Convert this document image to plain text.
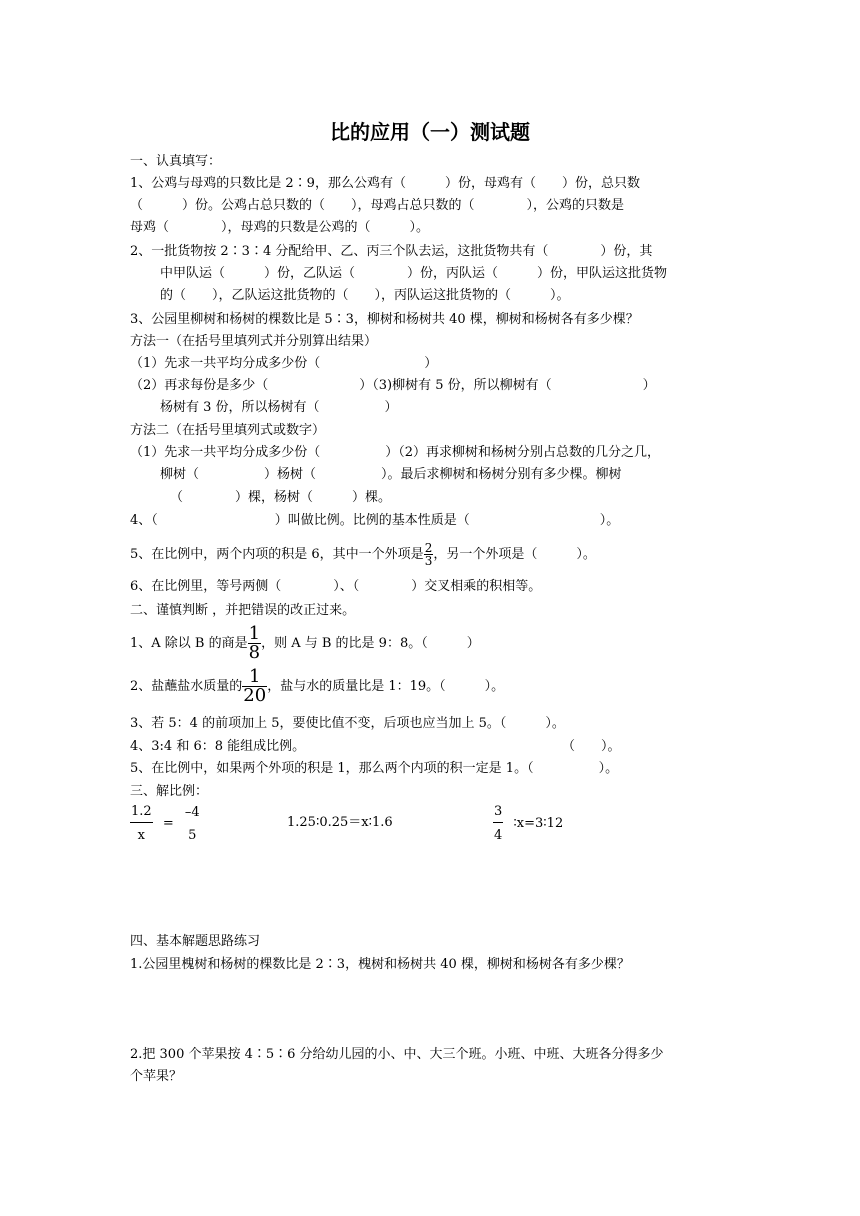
比的应用（一）测试题
一、认真填写：
1、公鸡与母鸡的只数比是 2∶9，那么公鸡有（　　　）份，母鸡有（　　）份，总只数
（　　　）份。公鸡占总只数的（　　），母鸡占总只数的（　　　　），公鸡的只数是
母鸡（　　　　），母鸡的只数是公鸡的（　　　）。
2、一批货物按 2∶3∶4 分配给甲、乙、丙三个队去运，这批货物共有（　　　　）份，其
中甲队运（　　　）份，乙队运（　　　　）份，丙队运（　　　）份，甲队运这批货物
的（　　），乙队运这批货物的（　　），丙队运这批货物的（　　　）。
3、公园里柳树和杨树的棵数比是 5∶3，柳树和杨树共 40 棵，柳树和杨树各有多少棵？
方法一（在括号里填列式并分别算出结果）
（1）先求一共平均分成多少份（　　　　　　　　）
（2）再求每份是多少（　　　　　　　）（3)柳树有 5 份，所以柳树有（　　　　　　　）
杨树有 3 份，所以杨树有（　　　　　）
方法二（在括号里填列式或数字）
（1）先求一共平均分成多少份（　　　　　）（2）再求柳树和杨树分别占总数的几分之几，
柳树（　　　　　）杨树（　　　　　）。最后求柳树和杨树分别有多少棵。柳树
（　　　　）棵，杨树（　　　）棵。
4、（　　　　　　　　　）叫做比例。比例的基本性质是（　　　　　　　　　　）。
5、在比例中，两个内项的积是 6，其中一个外项是 $\frac{2}{3}$ ，另一个外项是（　　　）。
6、在比例里，等号两侧（　　　　）、（　　　　）交叉相乘的积相等。
二、谨慎判断 ，并把错误的改正过来。
1、A 除以 B 的商是 $\frac{1}{8}$ ，则 A 与 B 的比是 9：8。（　　　）
2、盐蘸盐水质量的 $\frac{1}{20}$ ，盐与水的质量比是 1：19。（　　　）。
3、若 5：4 的前项加上 5，要使比值不变，后项也应当加上 5。（　　　）。
4、3:4 和 6：8 能组成比例。	（　　）。
5、在比例中，如果两个外项的积是 1，那么两个内项的积一定是 1。（　　　　　）。
三、解比例：
$\frac{1.2}{x}$ =
–4
5
1.25∶0.25＝x∶1.6	$\frac{3}{4}$ ∶x=3∶12
四、基本解题思路练习
1.公园里槐树和杨树的棵数比是 2∶3，槐树和杨树共 40 棵，柳树和杨树各有多少棵？
2.把 300 个苹果按 4∶5∶6 分给幼儿园的小、中、大三个班。小班、中班、大班各分得多少
个苹果？
